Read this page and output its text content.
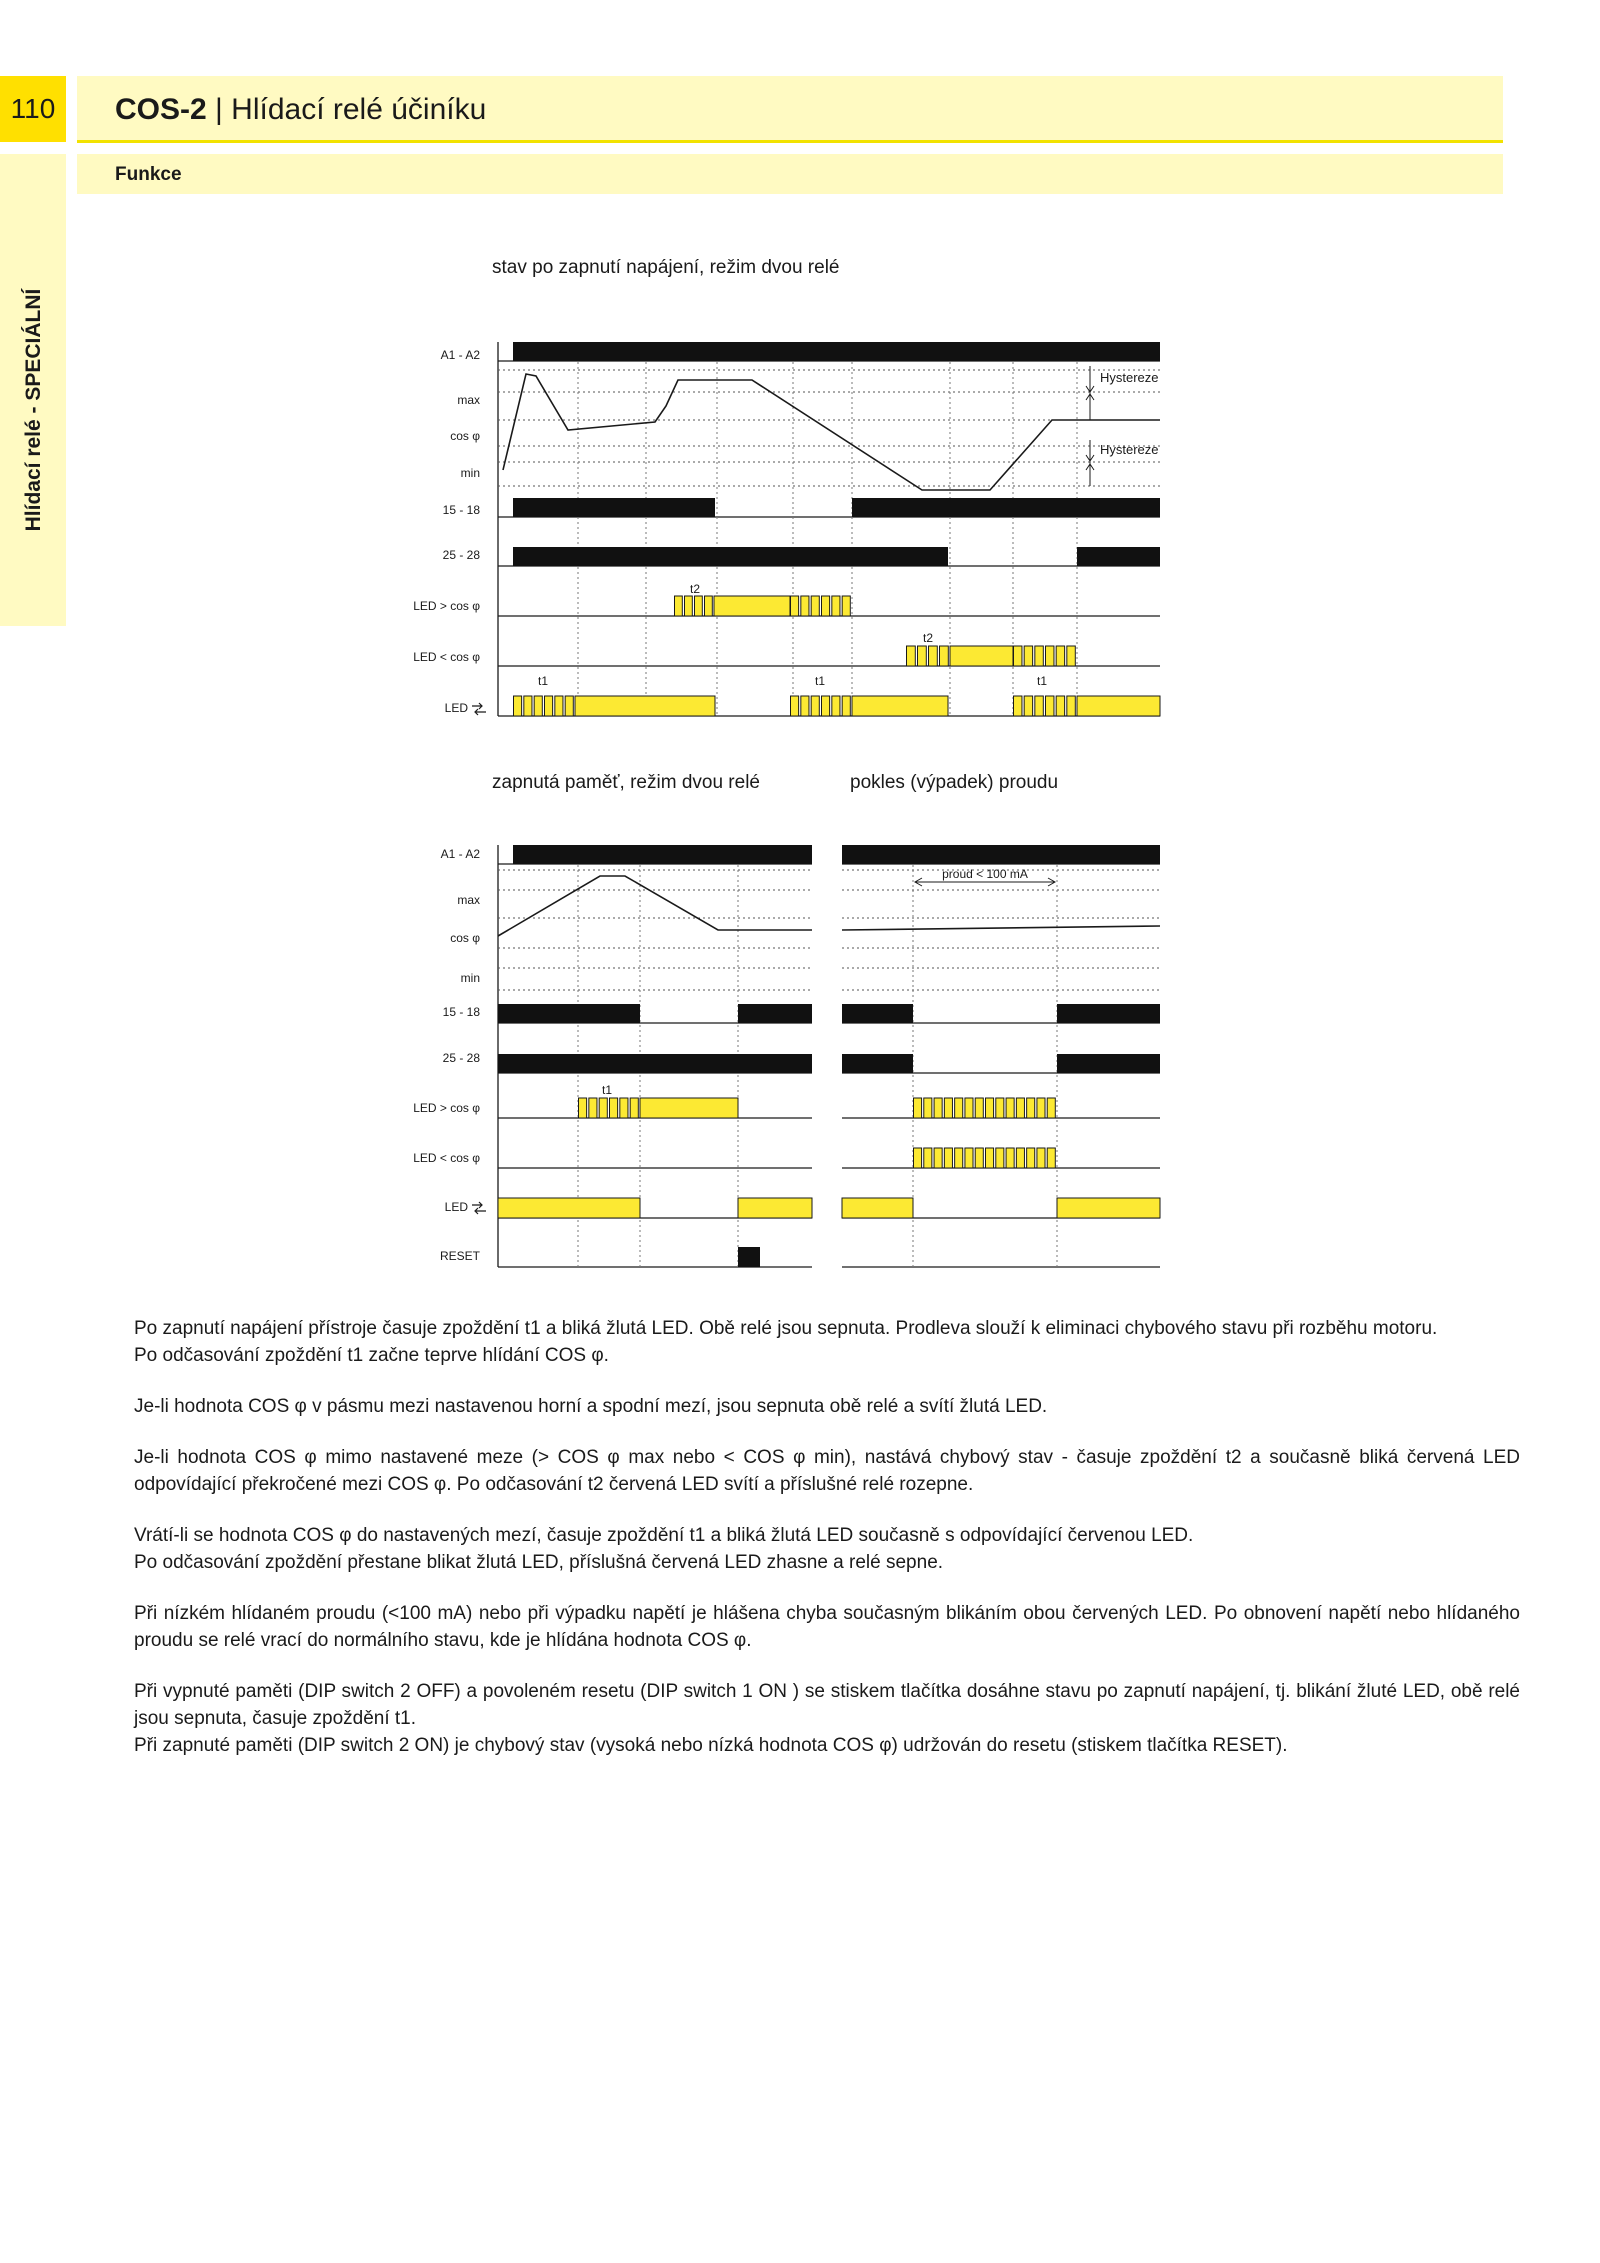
110	COS-2 | Hlídací relé účiníku
Funkce
Hlídací relé - SPECIÁLNÍ
stav po zapnutí napájení, režim dvou relé
zapnutá paměť, režim dvou relé	pokles (výpadek) proudu
A1 - A2
max
cos φ
min
15 - 18
25 - 28
LED > cos φ
LED < cos φ
LED
Hystereze
Hystereze
t2
t2
t1	t1	t1
A1 - A2
max
cos φ
min
15 - 18
25 - 28
LED > cos φ
LED < cos φ
LED
RESET
t1
proud < 100 mA

Po zapnutí napájení přístroje časuje zpoždění t1 a bliká žlutá LED. Obě relé jsou sepnuta. Prodleva slouží k eliminaci chybového stavu při rozběhu motoru.
Po odčasování zpoždění t1 začne teprve hlídání COS φ.

Je-li hodnota COS φ v pásmu mezi nastavenou horní a spodní mezí, jsou sepnuta obě relé a svítí žlutá LED.

Je-li hodnota COS φ mimo nastavené meze (> COS φ max nebo < COS φ min), nastává chybový stav - časuje zpoždění t2 a současně bliká červená LED odpovídající překročené mezi COS φ. Po odčasování t2 červená LED svítí a příslušné relé rozepne.

Vrátí-li se hodnota COS φ do nastavených mezí, časuje zpoždění t1 a bliká žlutá LED současně s odpovídající červenou LED.
Po odčasování zpoždění přestane blikat žlutá LED, příslušná červená LED zhasne a relé sepne.

Při nízkém hlídaném proudu (<100 mA) nebo při výpadku napětí je hlášena chyba současným blikáním obou červených LED. Po obnovení napětí nebo hlídaného proudu se relé vrací do normálního stavu, kde je hlídána hodnota COS φ.

Při vypnuté paměti (DIP switch 2 OFF) a povoleném resetu (DIP switch 1 ON ) se stiskem tlačítka dosáhne stavu po zapnutí napájení, tj. blikání žluté LED, obě relé jsou sepnuta, časuje zpoždění t1.
Při zapnuté paměti (DIP switch 2 ON) je chybový stav (vysoká nebo nízká hodnota COS φ) udržován do resetu (stiskem tlačítka RESET).
